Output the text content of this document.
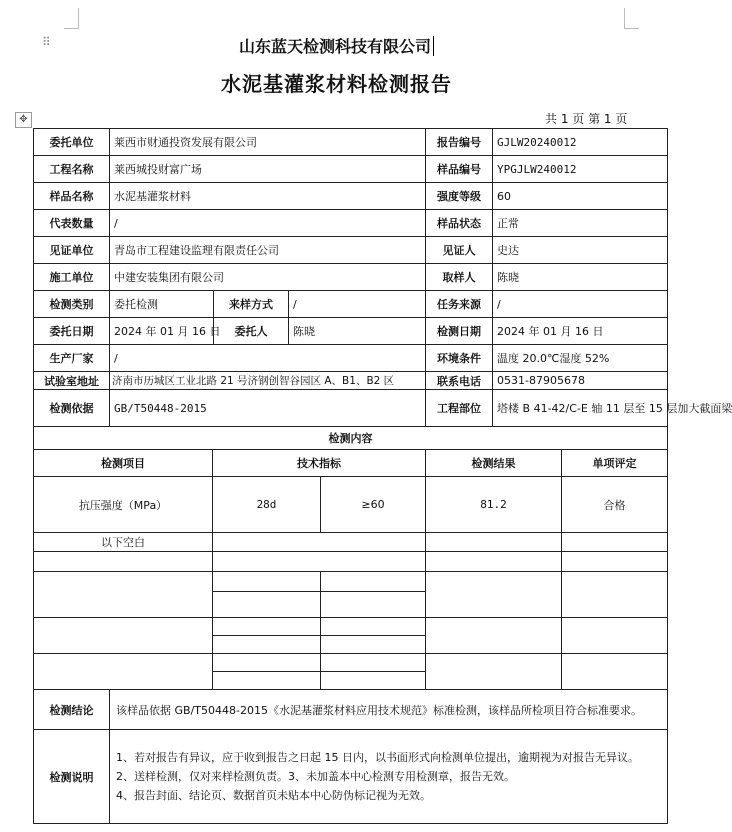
⠿
✥
山东蓝天检测科技有限公司
水泥基灌浆材料检测报告
共 1 页 第 1 页
委托单位	莱西市财通投资发展有限公司				报告编号	GJLW20240012	
工程名称	莱西城投财富广场				样品编号	YPGJLW240012	
样品名称	水泥基灌浆材料				强度等级	60	
代表数量	/				样品状态	正常	
见证单位	青岛市工程建设监理有限责任公司				见证人	史达	
施工单位	中建安装集团有限公司				取样人	陈晓	
检测类别	委托检测	来样方式	/		任务来源	/	
委托日期	2024 年 01 月 16 日	委托人	陈晓		检测日期	2024 年 01 月 16 日	
生产厂家	/				环境条件	温度 20.0℃湿度 52%	
试验室地址	济南市历城区工业北路 21 号济钢创智谷园区 A、B1、B2 区				联系电话	0531-87905678	
检测依据	GB/T50448-2015				工程部位	塔楼 B 41-42/C-E 轴 11 层至 15 层加大截面梁	
检测内容							
检测项目		技术指标			检测结果		单项评定
抗压强度（MPa）		28d		≥60	81.2		合格
以下空白							

检测结论	该样品依据 GB/T50448-2015《水泥基灌浆材料应用技术规范》标准检测，该样品所检项目符合标准要求。						
检测说明	1、若对报告有异议，应于收到报告之日起 15 日内，以书面形式向检测单位提出，逾期视为对报告无异议。
2、送样检测，仅对来样检测负责。3、未加盖本中心检测专用检测章，报告无效。
4、报告封面、结论页、数据首页未贴本中心防伪标记视为无效。						
